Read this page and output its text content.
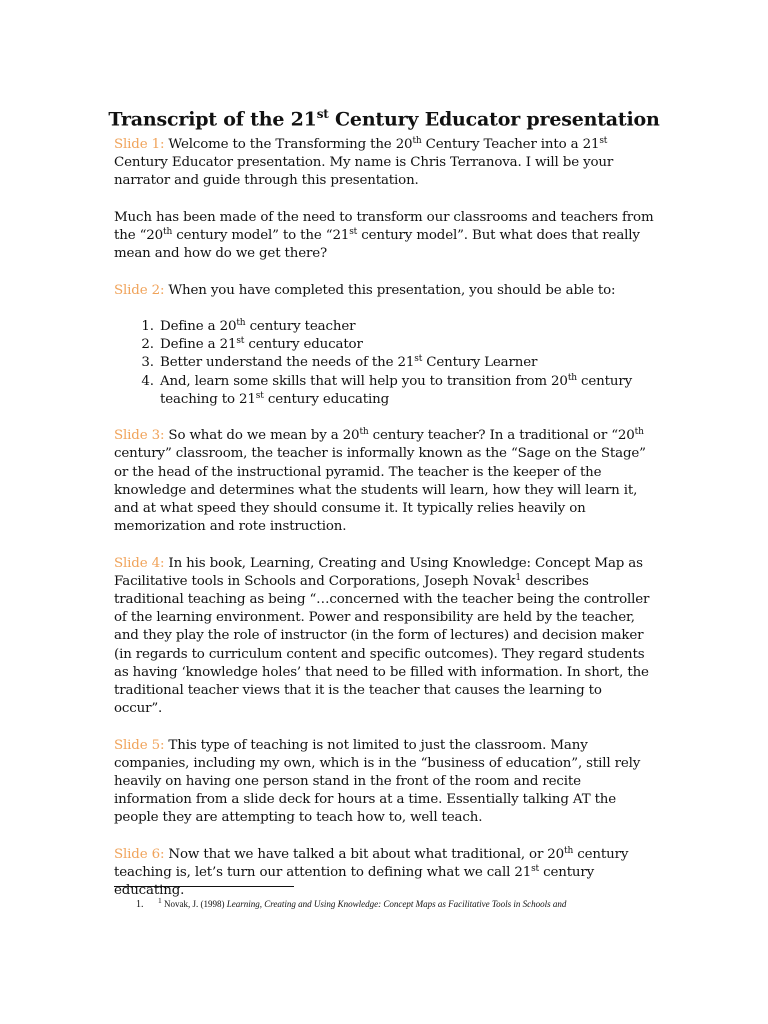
Transcript of the 21st Century Educator presentation

Slide 1: Welcome to the Transforming the 20th Century Teacher into a 21st Century Educator presentation. My name is Chris Terranova. I will be your narrator and guide through this presentation.

Much has been made of the need to transform our classrooms and teachers from the “20th century model” to the “21st century model”. But what does that really mean and how do we get there?

Slide 2: When you have completed this presentation, you should be able to:

1. Define a 20th century teacher
2. Define a 21st century educator
3. Better understand the needs of the 21st Century Learner
4. And, learn some skills that will help you to transition from 20th century teaching to 21st century educating

Slide 3: So what do we mean by a 20th century teacher? In a traditional or “20th century” classroom, the teacher is informally known as the “Sage on the Stage” or the head of the instructional pyramid. The teacher is the keeper of the knowledge and determines what the students will learn, how they will learn it, and at what speed they should consume it. It typically relies heavily on memorization and rote instruction.

Slide 4: In his book, Learning, Creating and Using Knowledge: Concept Map as Facilitative tools in Schools and Corporations, Joseph Novak$^1$ describes traditional teaching as being “…concerned with the teacher being the controller of the learning environment. Power and responsibility are held by the teacher, and they play the role of instructor (in the form of lectures) and decision maker (in regards to curriculum content and specific outcomes). They regard students as having ‘knowledge holes’ that need to be filled with information. In short, the traditional teacher views that it is the teacher that causes the learning to occur”.

Slide 5: This type of teaching is not limited to just the classroom. Many companies, including my own, which is in the “business of education”, still rely heavily on having one person stand in the front of the room and recite information from a slide deck for hours at a time. Essentially talking AT the people they are attempting to teach how to, well teach.

Slide 6: Now that we have talked a bit about what traditional, or 20th century teaching is, let’s turn our attention to defining what we call 21st century educating.

1. $^1$ Novak, J. (1998) Learning, Creating and Using Knowledge: Concept Maps as Facilitative Tools in Schools and
